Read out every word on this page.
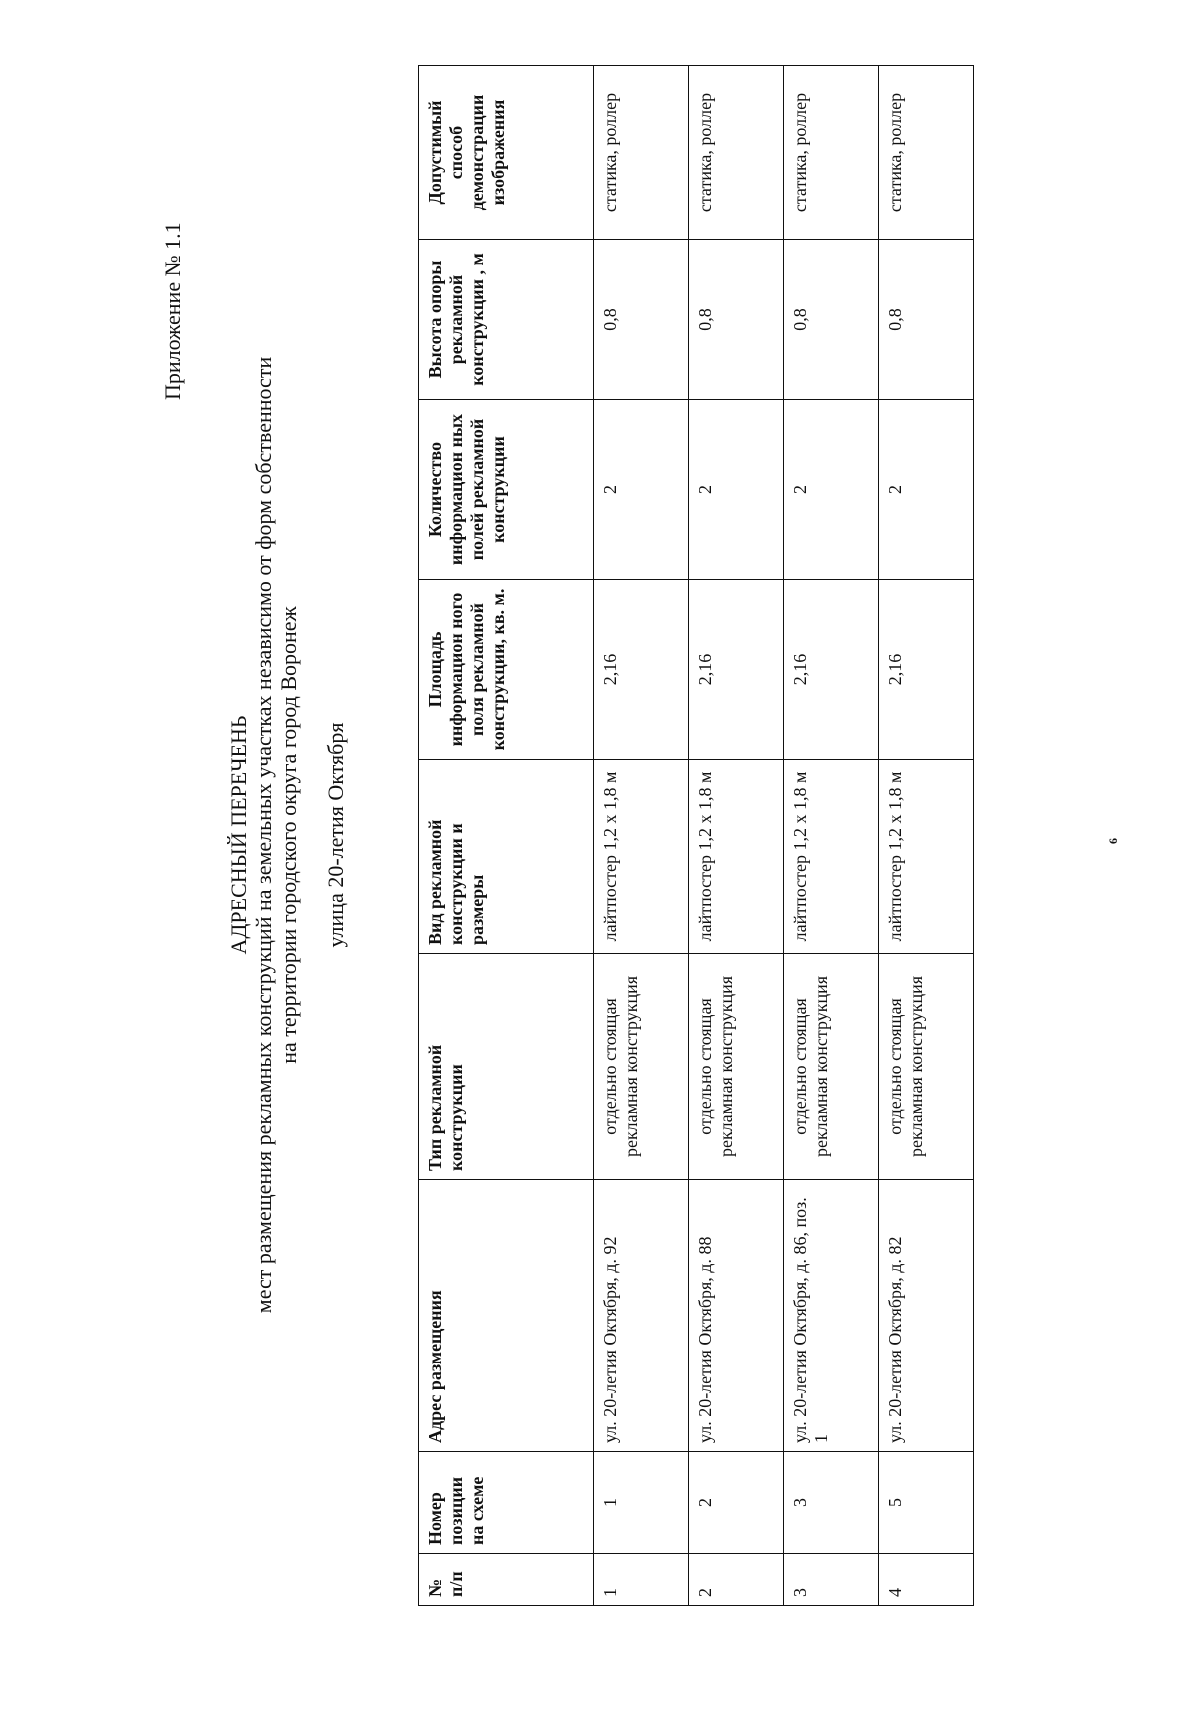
6
Приложение № 1.1
АДРЕСНЫЙ ПЕРЕЧЕНЬ мест размещения рекламных конструкций на земельных участках независимо от форм собственности на территории городского округа город Воронеж улица 20-летия Октября
№ п/п	Номер позиции на схеме	Адрес размещения	Тип рекламной конструкции	Вид рекламной конструкции и размеры	Площадь информацион ного поля рекламной конструкции, кв. м.	Количество информацион ных полей рекламной конструкции	Высота опоры рекламной конструкции , м	Допустимый способ демонстрации изображения
1	1	ул. 20-летия Октября, д. 92	отдельно стоящая рекламная конструкция	лайтпостер 1,2 х 1,8 м	2,16	2	0,8	статика, роллер
2	2	ул. 20-летия Октября, д. 88	отдельно стоящая рекламная конструкция	лайтпостер 1,2 х 1,8 м	2,16	2	0,8	статика, роллер
3	3	ул. 20-летия Октября, д. 86, поз. 1	отдельно стоящая рекламная конструкция	лайтпостер 1,2 х 1,8 м	2,16	2	0,8	статика, роллер
4	5	ул. 20-летия Октября, д. 82	отдельно стоящая рекламная конструкция	лайтпостер 1,2 х 1,8 м	2,16	2	0,8	статика, роллер
